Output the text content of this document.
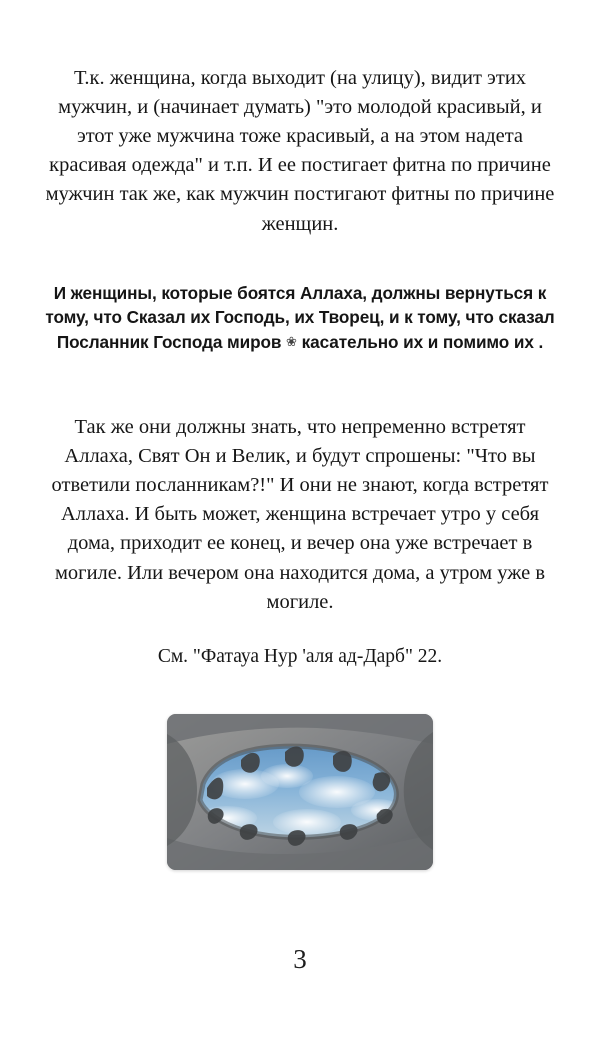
Т.к. женщина, когда выходит (на улицу), видит этих мужчин, и (начинает думать) "это молодой красивый, и этот уже мужчина тоже красивый, а на этом надета красивая одежда" и т.п. И ее постигает фитна по причине мужчин так же, как мужчин постигают фитны по причине женщин.

И женщины, которые боятся Аллаха, должны вернуться к тому, что Сказал их Господь, их Творец, и к тому, что сказал Посланник Господа миров ❀ касательно их и помимо их .

Так же они должны знать, что непременно встретят Аллаха, Свят Он и Велик, и будут спрошены: "Что вы ответили посланникам?!" И они не знают, когда встретят Аллаха. И быть может, женщина встречает утро у себя дома, приходит ее конец, и вечер она уже встречает в могиле. Или вечером она находится дома, а утром уже в могиле.

См. "Фатауа Нур 'аля ад-Дарб" 22.

3
